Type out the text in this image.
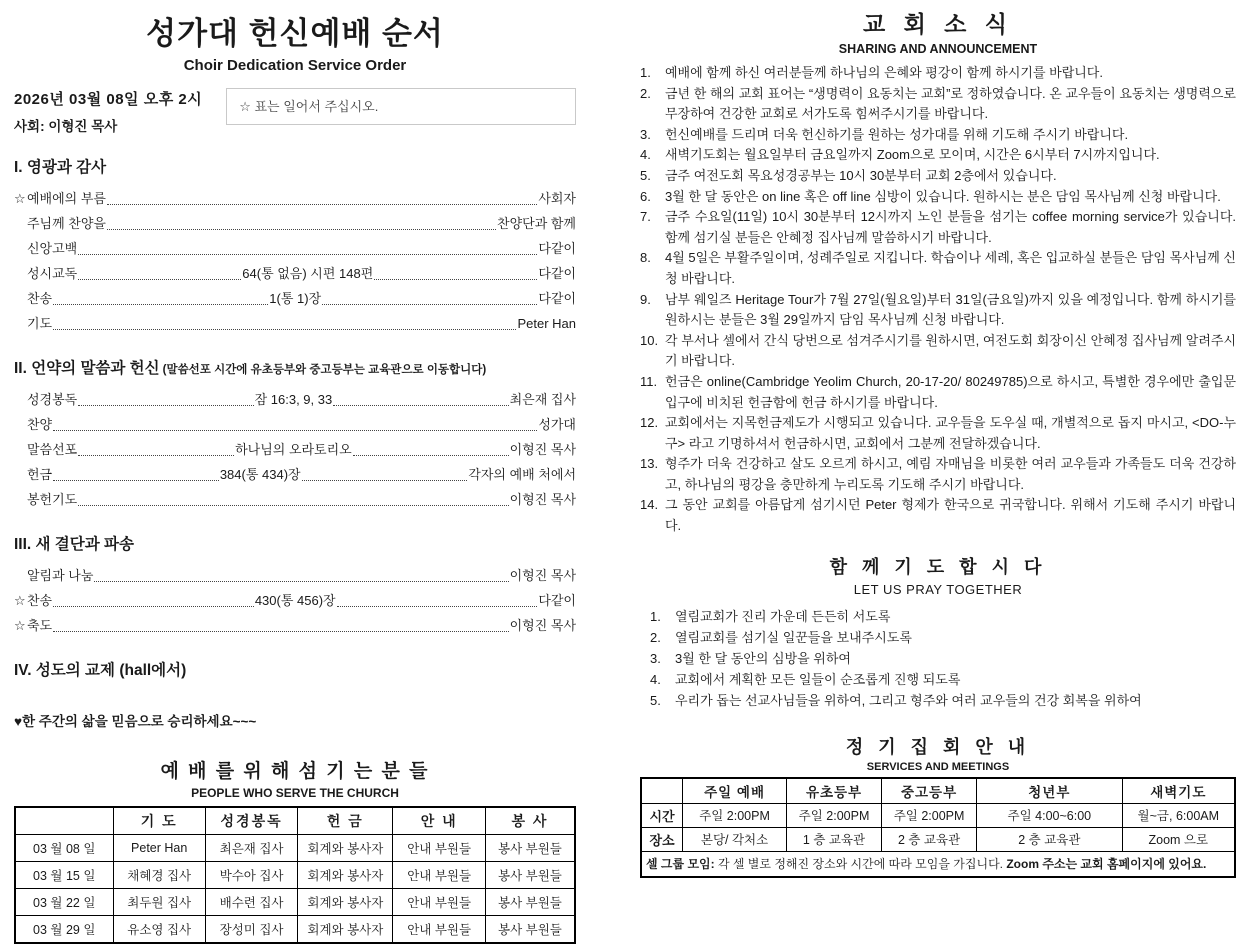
성가대 헌신예배 순서
Choir Dedication Service Order
2026년 03월 08일 오후 2시
사회: 이형진 목사
☆ 표는 일어서 주십시오.
I. 영광과 감사
☆ 예배에의 부름	사회자
주님께 찬양을	찬양단과 함께
신앙고백	다같이
성시교독	64(통 없음) 시편 148편	다같이
찬송	1(통 1)장	다같이
기도	Peter Han
II. 언약의 말씀과 헌신 (말씀선포 시간에 유초등부와 중고등부는 교육관으로 이동합니다)
성경봉독	잠 16:3, 9, 33	최은재 집사
찬양	성가대
말씀선포	하나님의 오라토리오	이형진 목사
헌금	384(통 434)장	각자의 예배 처에서
봉헌기도	이형진 목사
III. 새 결단과 파송
알림과 나눔	이형진 목사
☆ 찬송	430(통 456)장	다같이
☆ 축도	이형진 목사
IV. 성도의 교제 (hall에서)
♥한 주간의 삶을 믿음으로 승리하세요~~~
예 배 를 위 해 섬 기 는 분 들
PEOPLE WHO SERVE THE CHURCH
	기 도	성경봉독	헌 금	안 내	봉 사
03 월 08 일	Peter Han	최은재 집사	회계와 봉사자	안내 부원들	봉사 부원들
03 월 15 일	채혜경 집사	박수아 집사	회계와 봉사자	안내 부원들	봉사 부원들
03 월 22 일	최두원 집사	배수련 집사	회계와 봉사자	안내 부원들	봉사 부원들
03 월 29 일	유소영 집사	장성미 집사	회계와 봉사자	안내 부원들	봉사 부원들
교 회 소 식
SHARING AND ANNOUNCEMENT
1.	예배에 함께 하신 여러분들께 하나님의 은혜와 평강이 함께 하시기를 바랍니다.

2.	금년 한 해의 교회 표어는 “생명력이 요동치는 교회”로 정하였습니다. 온 교우들이 요동치는 생명력으로 무장하여 건강한 교회로 서가도록 힘써주시기를 바랍니다.

3.	헌신예배를 드리며 더욱 헌신하기를 원하는 성가대를 위해 기도해 주시기 바랍니다.

4.	새벽기도회는 월요일부터 금요일까지 Zoom으로 모이며, 시간은 6시부터 7시까지입니다.

5.	금주 여전도회 목요성경공부는 10시 30분부터 교회 2층에서 있습니다.

6.	3월 한 달 동안은 on line 혹은 off line 심방이 있습니다. 원하시는 분은 담임 목사님께 신청 바랍니다.

7.	금주 수요일(11일) 10시 30분부터 12시까지 노인 분들을 섬기는 coffee morning service가 있습니다. 함께 섬기실 분들은 안혜정 집사님께 말씀하시기 바랍니다.

8.	4월 5일은 부활주일이며, 성례주일로 지킵니다. 학습이나 세례, 혹은 입교하실 분들은 담임 목사님께 신청 바랍니다.

9.	남부 웨일즈 Heritage Tour가 7월 27일(월요일)부터 31일(금요일)까지 있을 예정입니다. 함께 하시기를 원하시는 분들은 3월 29일까지 담임 목사님께 신청 바랍니다.

10. 각 부서나 셀에서 간식 당번으로 섬겨주시기를 원하시면, 여전도회 회장이신 안혜정 집사님께 알려주시기 바랍니다.

11. 헌금은 online(Cambridge Yeolim Church, 20-17-20/ 80249785)으로 하시고, 특별한 경우에만 출입문 입구에 비치된 헌금함에 헌금 하시기를 바랍니다.

12. 교회에서는 지목헌금제도가 시행되고 있습니다. 교우들을 도우실 때, 개별적으로 돕지 마시고, <DO-누구> 라고 기명하셔서 헌금하시면, 교회에서 그분께 전달하겠습니다.

13. 형주가 더욱 건강하고 살도 오르게 하시고, 예림 자매님을 비롯한 여러 교우들과 가족들도 더욱 건강하고, 하나님의 평강을 충만하게 누리도록 기도해 주시기 바랍니다.

14. 그 동안 교회를 아름답게 섬기시던 Peter 형제가 한국으로 귀국합니다. 위해서 기도해 주시기 바랍니다.

함 께 기 도 합 시 다
LET US PRAY TOGETHER
1.	열림교회가 진리 가운데 든든히 서도록

2.	열림교회를 섬기실 일꾼들을 보내주시도록

3.	3월 한 달 동안의 심방을 위하여

4.	교회에서 계획한 모든 일들이 순조롭게 진행 되도록

5.	우리가 돕는 선교사님들을 위하여, 그리고 형주와 여러 교우들의 건강 회복을 위하여

정 기 집 회 안 내
SERVICES AND MEETINGS
	주일 예배	유초등부	중고등부	청년부	새벽기도
시간	주일 2:00PM	주일 2:00PM	주일 2:00PM	주일 4:00~6:00	월~금, 6:00AM
장소	본당/ 각처소	1 층 교육관	2 층 교육관	2 층 교육관	Zoom 으로
셀 그룹 모임: 각 셀 별로 정해진 장소와 시간에 따라 모임을 가집니다. Zoom 주소는 교회 홈페이지에 있어요.					
